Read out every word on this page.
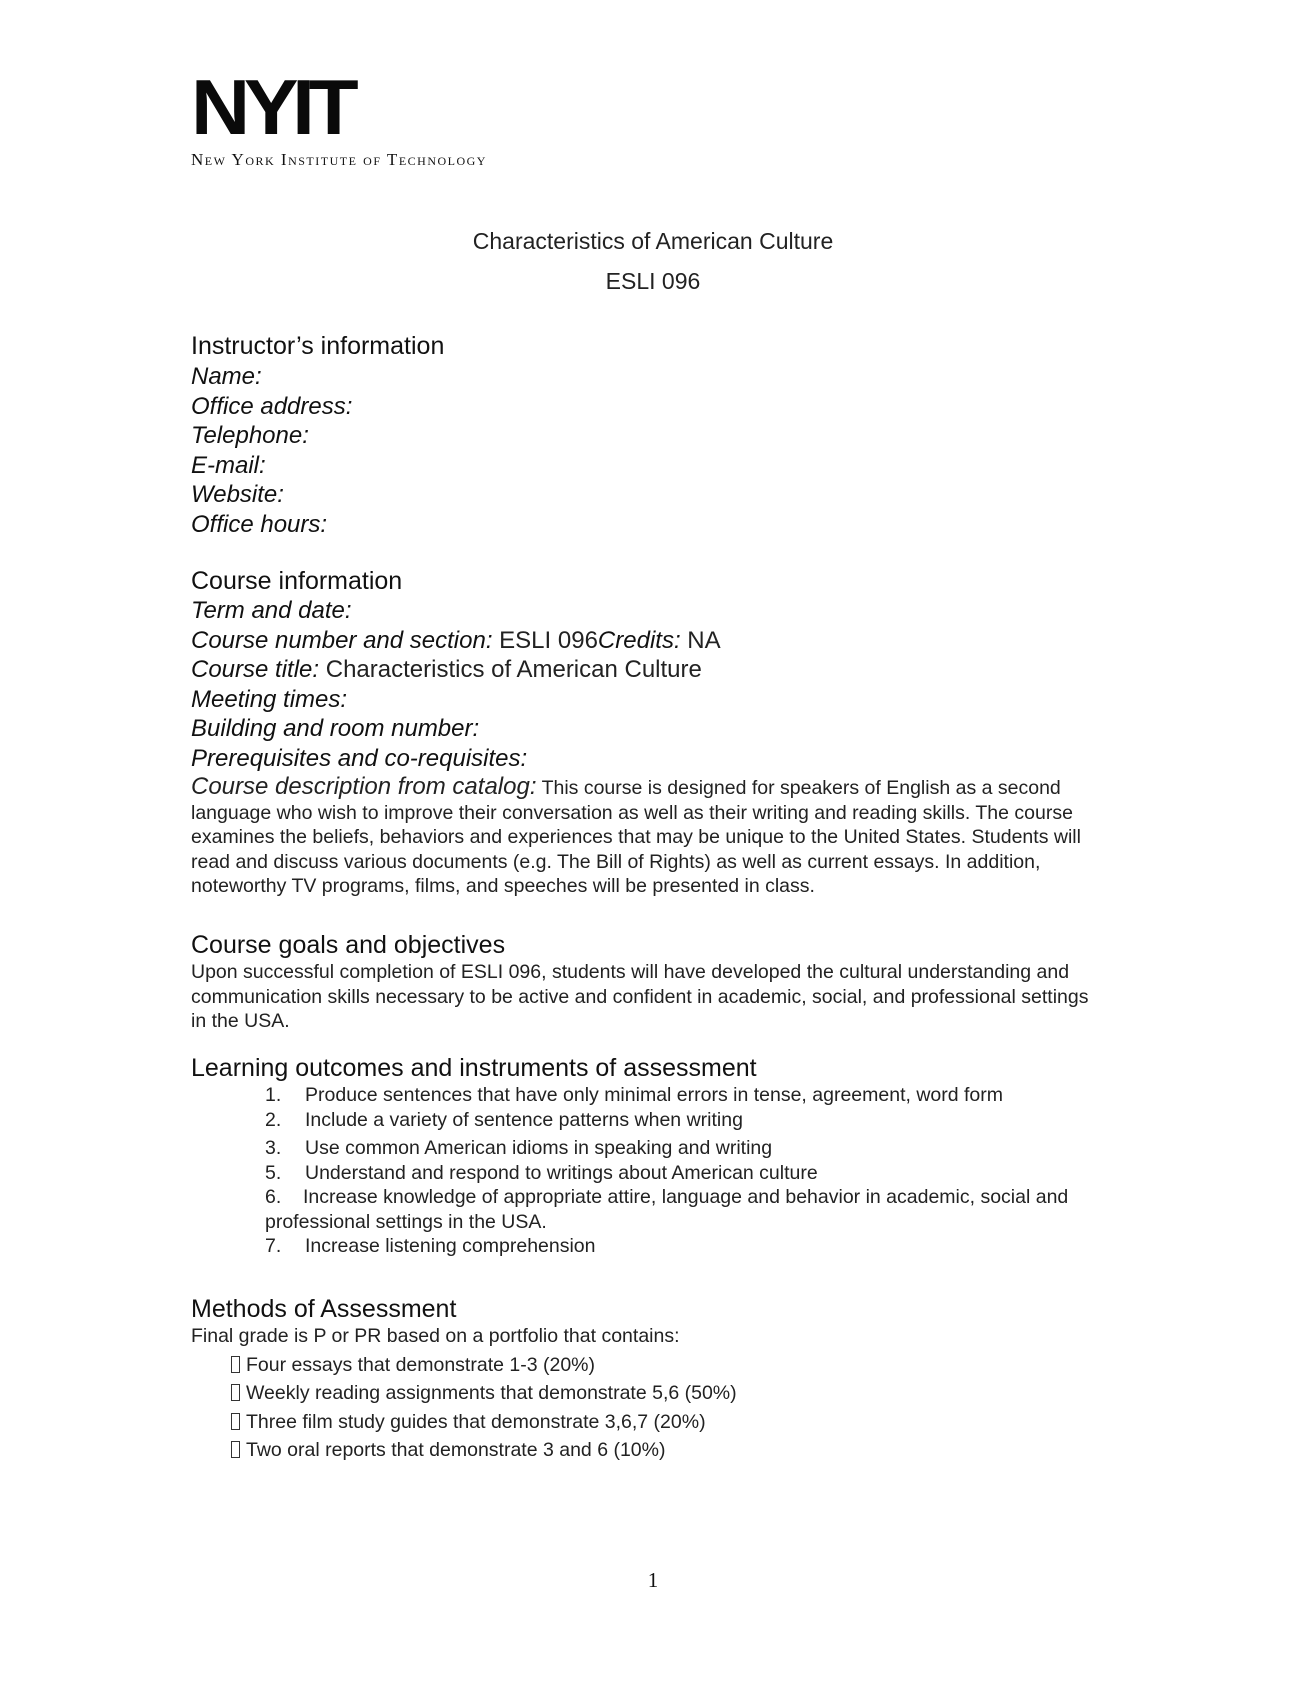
NYIT
New York Institute of Technology
Characteristics of American Culture
ESLI 096
Instructor’s information
Name:
Office address:
Telephone:
E-mail:
Website:
Office hours:
Course information
Term and date:
Course number and section: ESLI 096Credits: NA
Course title: Characteristics of American Culture
Meeting times:
Building and room number:
Prerequisites and co-requisites:
Course description from catalog: This course is designed for speakers of English as a second language who wish to improve their conversation as well as their writing and reading skills. The course examines the beliefs, behaviors and experiences that may be unique to the United States. Students will read and discuss various documents (e.g. The Bill of Rights) as well as current essays. In addition, noteworthy TV programs, films, and speeches will be presented in class.
Course goals and objectives
Upon successful completion of ESLI 096, students will have developed the cultural understanding and communication skills necessary to be active and confident in academic, social, and professional settings in the USA.
Learning outcomes and instruments of assessment
1. Produce sentences that have only minimal errors in tense, agreement, word form
2. Include a variety of sentence patterns when writing
3. Use common American idioms in speaking and writing
5. Understand and respond to writings about American culture
6. Increase knowledge of appropriate attire, language and behavior in academic, social and professional settings in the USA.
7. Increase listening comprehension
Methods of Assessment
Final grade is P or PR based on a portfolio that contains:
Four essays that demonstrate 1-3 (20%)
Weekly reading assignments that demonstrate 5,6 (50%)
Three film study guides that demonstrate 3,6,7 (20%)
Two oral reports that demonstrate 3 and 6 (10%)
1
